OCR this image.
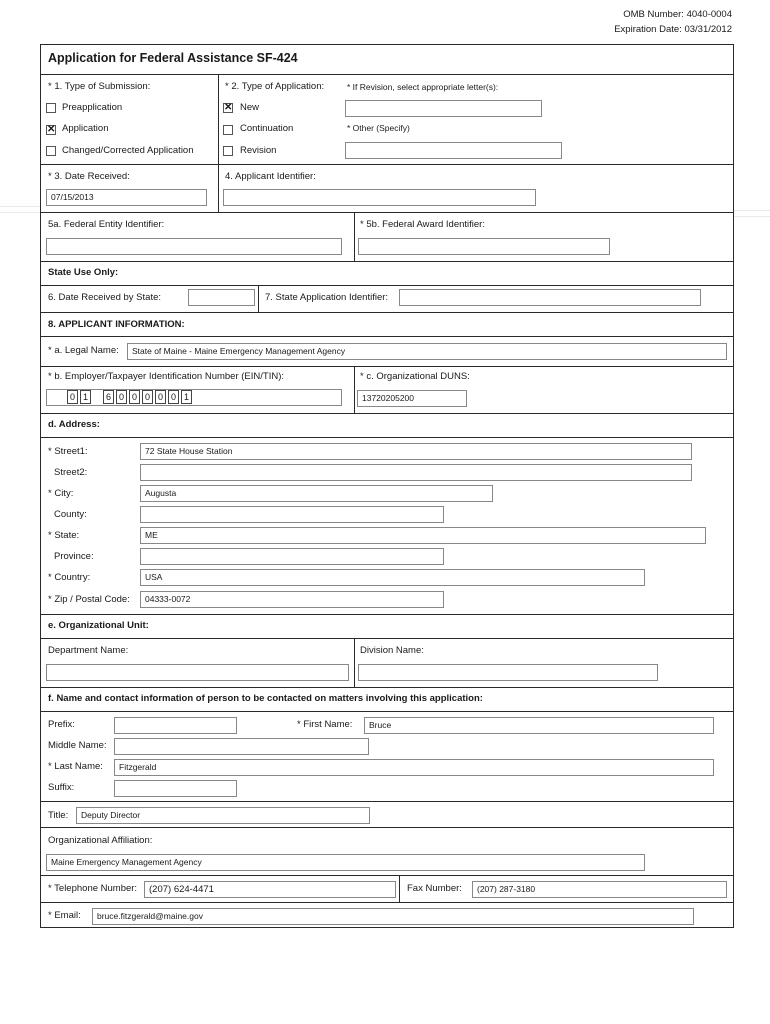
OMB Number: 4040-0004
Expiration Date: 03/31/2012
Application for Federal Assistance SF-424
* 1. Type of Submission:
Preapplication
✕ Application
Changed/Corrected Application
* 2. Type of Application:
✕ New
Continuation
Revision
* If Revision, select appropriate letter(s):
* Other (Specify)
* 3. Date Received:
07/15/2013
4. Applicant Identifier:
5a. Federal Entity Identifier:	* 5b. Federal Award Identifier:
State Use Only:
6. Date Received by State:	7. State Application Identifier:
8. APPLICANT INFORMATION:
* a. Legal Name:	State of Maine - Maine Emergency Management Agency
* b. Employer/Taxpayer Identification Number (EIN/TIN):
0 1	6 0 0 0 0 0 1
* c. Organizational DUNS:
13720205200
d. Address:
* Street1:	72 State House Station
Street2:
* City:	Augusta
County:
* State:	ME
Province:
* Country:	USA
* Zip / Postal Code:	04333-0072
e. Organizational Unit:
Department Name:	Division Name:
f. Name and contact information of person to be contacted on matters involving this application:
Prefix:	* First Name:	Bruce
Middle Name:
* Last Name:	Fitzgerald
Suffix:
Title:	Deputy Director
Organizational Affiliation:
Maine Emergency Management Agency
* Telephone Number:	(207) 624-4471	Fax Number:	(207) 287-3180
* Email:	bruce.fitzgerald@maine.gov
